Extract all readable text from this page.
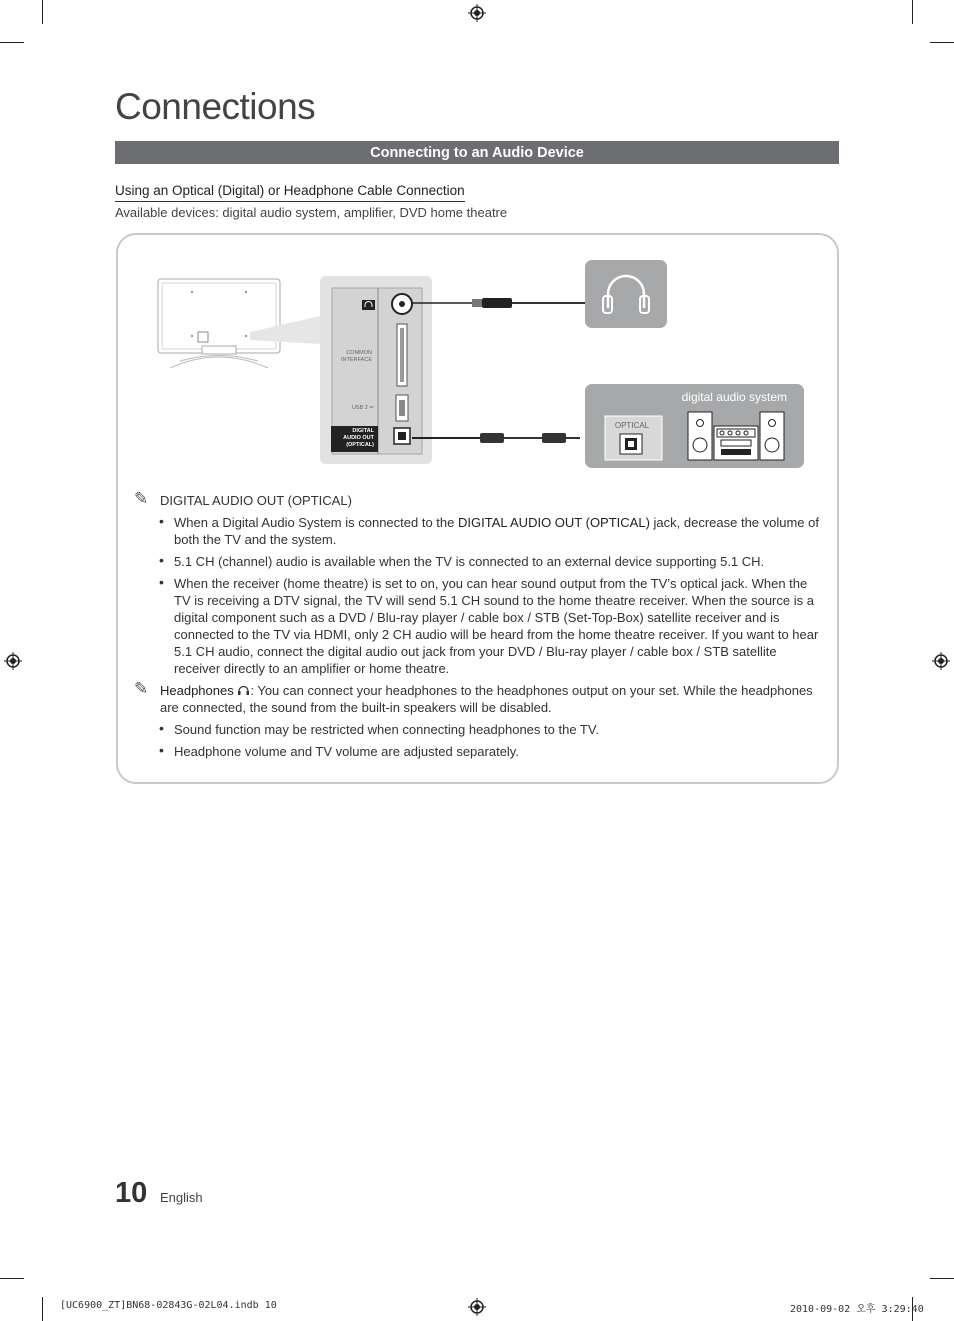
Connections
Connecting to an Audio Device
Using an Optical (Digital) or Headphone Cable Connection
Available devices: digital audio system, amplifier, DVD home theatre
COMMON
INTERFACE
USB 2 ⇐
DIGITAL
AUDIO OUT
(OPTICAL)
digital audio system
OPTICAL
✎ DIGITAL AUDIO OUT (OPTICAL)
• When a Digital Audio System is connected to the DIGITAL AUDIO OUT (OPTICAL) jack, decrease the volume of both the TV and the system.
• 5.1 CH (channel) audio is available when the TV is connected to an external device supporting 5.1 CH.
• When the receiver (home theatre) is set to on, you can hear sound output from the TV’s optical jack. When the TV is receiving a DTV signal, the TV will send 5.1 CH sound to the home theatre receiver. When the source is a digital component such as a DVD / Blu-ray player / cable box / STB (Set-Top-Box) satellite receiver and is connected to the TV via HDMI, only 2 CH audio will be heard from the home theatre receiver. If you want to hear 5.1 CH audio, connect the digital audio out jack from your DVD / Blu-ray player / cable box / STB satellite receiver directly to an amplifier or home theatre.
✎ Headphones : You can connect your headphones to the headphones output on your set. While the headphones are connected, the sound from the built-in speakers will be disabled.
• Sound function may be restricted when connecting headphones to the TV.
• Headphone volume and TV volume are adjusted separately.
10 English
[UC6900_ZT]BN68-02843G-02L04.indb 10	2010-09-02 오후 3:29:40
